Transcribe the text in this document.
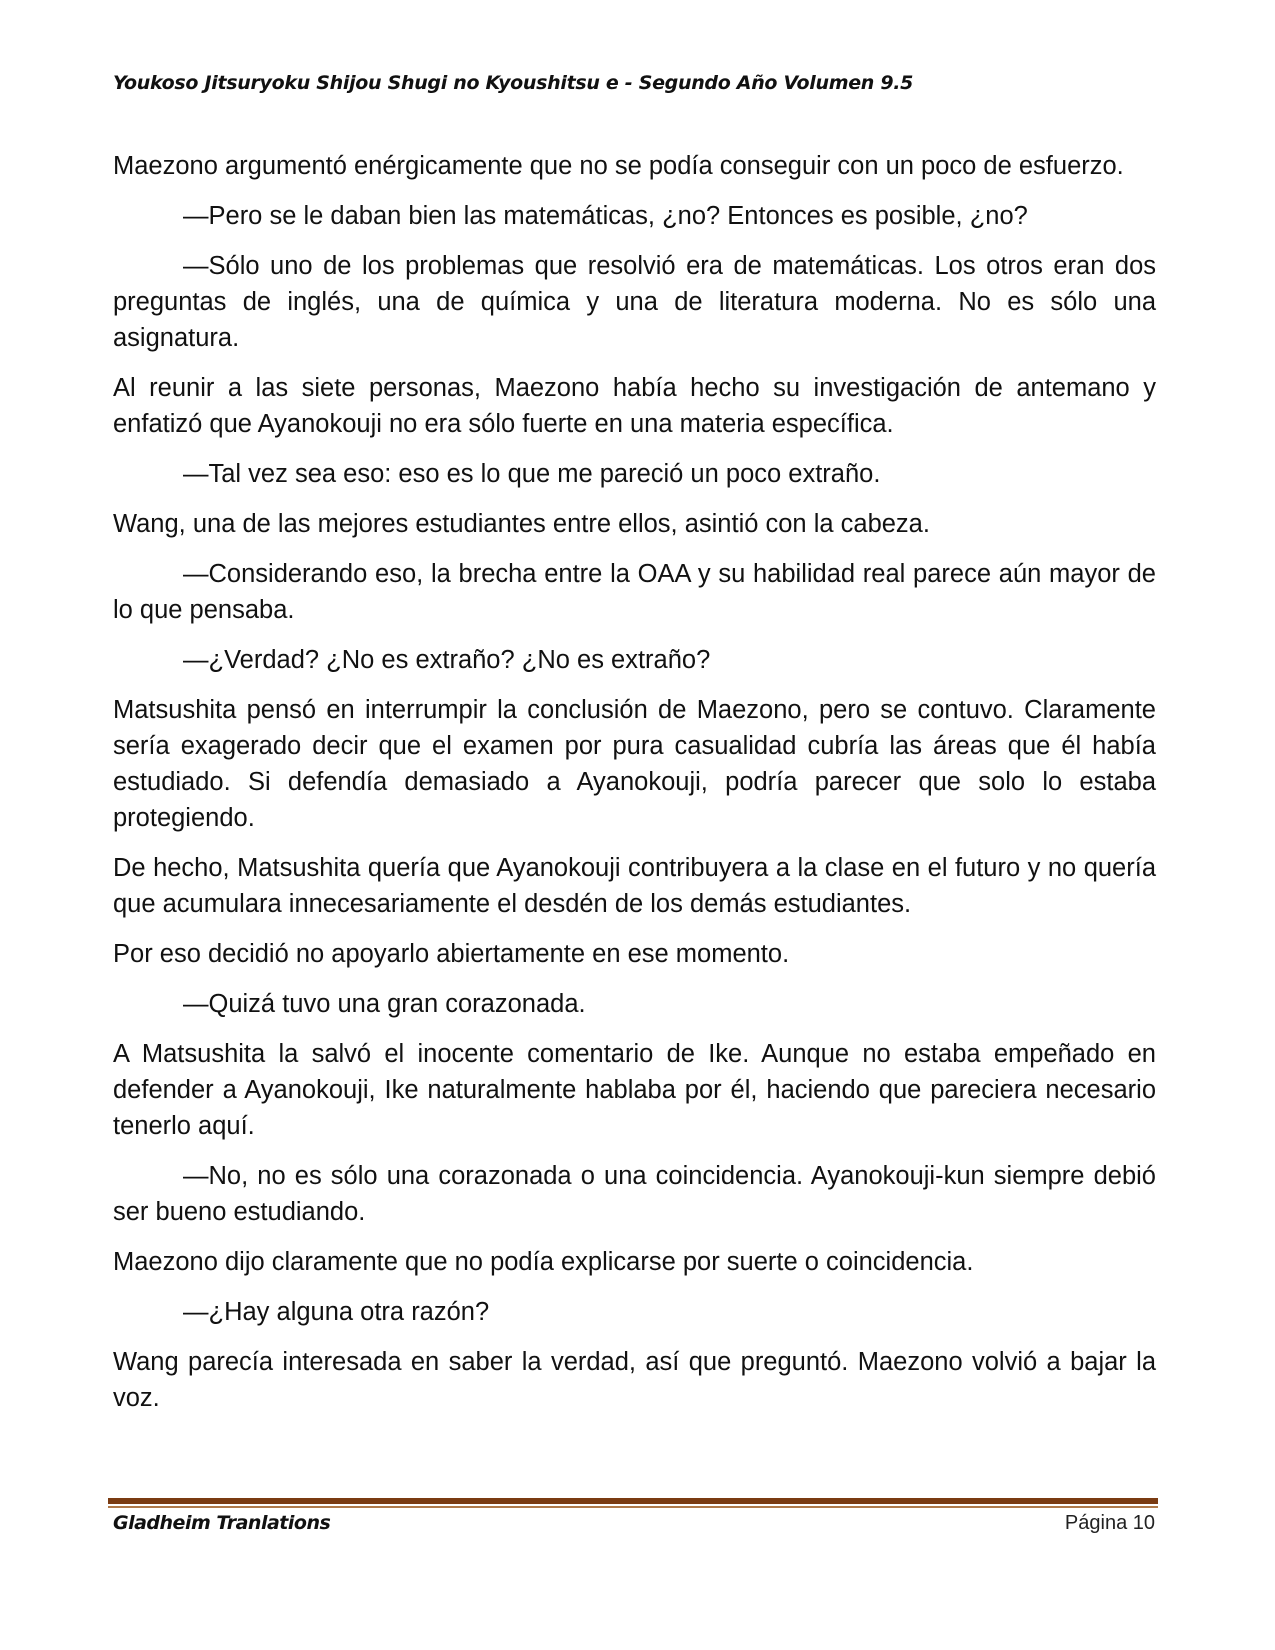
Youkoso Jitsuryoku Shijou Shugi no Kyoushitsu e - Segundo Año Volumen 9.5

Maezono argumentó enérgicamente que no se podía conseguir con un poco de esfuerzo.

—Pero se le daban bien las matemáticas, ¿no? Entonces es posible, ¿no?

—Sólo uno de los problemas que resolvió era de matemáticas. Los otros eran dos preguntas de inglés, una de química y una de literatura moderna. No es sólo una asignatura.

Al reunir a las siete personas, Maezono había hecho su investigación de antemano y enfatizó que Ayanokouji no era sólo fuerte en una materia específica.

—Tal vez sea eso: eso es lo que me pareció un poco extraño.

Wang, una de las mejores estudiantes entre ellos, asintió con la cabeza.

—Considerando eso, la brecha entre la OAA y su habilidad real parece aún mayor de lo que pensaba.

—¿Verdad? ¿No es extraño? ¿No es extraño?

Matsushita pensó en interrumpir la conclusión de Maezono, pero se contuvo. Claramente sería exagerado decir que el examen por pura casualidad cubría las áreas que él había estudiado. Si defendía demasiado a Ayanokouji, podría parecer que solo lo estaba protegiendo.

De hecho, Matsushita quería que Ayanokouji contribuyera a la clase en el futuro y no quería que acumulara innecesariamente el desdén de los demás estudiantes.

Por eso decidió no apoyarlo abiertamente en ese momento.

—Quizá tuvo una gran corazonada.

A Matsushita la salvó el inocente comentario de Ike. Aunque no estaba empeñado en defender a Ayanokouji, Ike naturalmente hablaba por él, haciendo que pareciera necesario tenerlo aquí.

—No, no es sólo una corazonada o una coincidencia. Ayanokouji-kun siempre debió ser bueno estudiando.

Maezono dijo claramente que no podía explicarse por suerte o coincidencia.

—¿Hay alguna otra razón?

Wang parecía interesada en saber la verdad, así que preguntó. Maezono volvió a bajar la voz.

Gladheim Tranlations	Página 10
